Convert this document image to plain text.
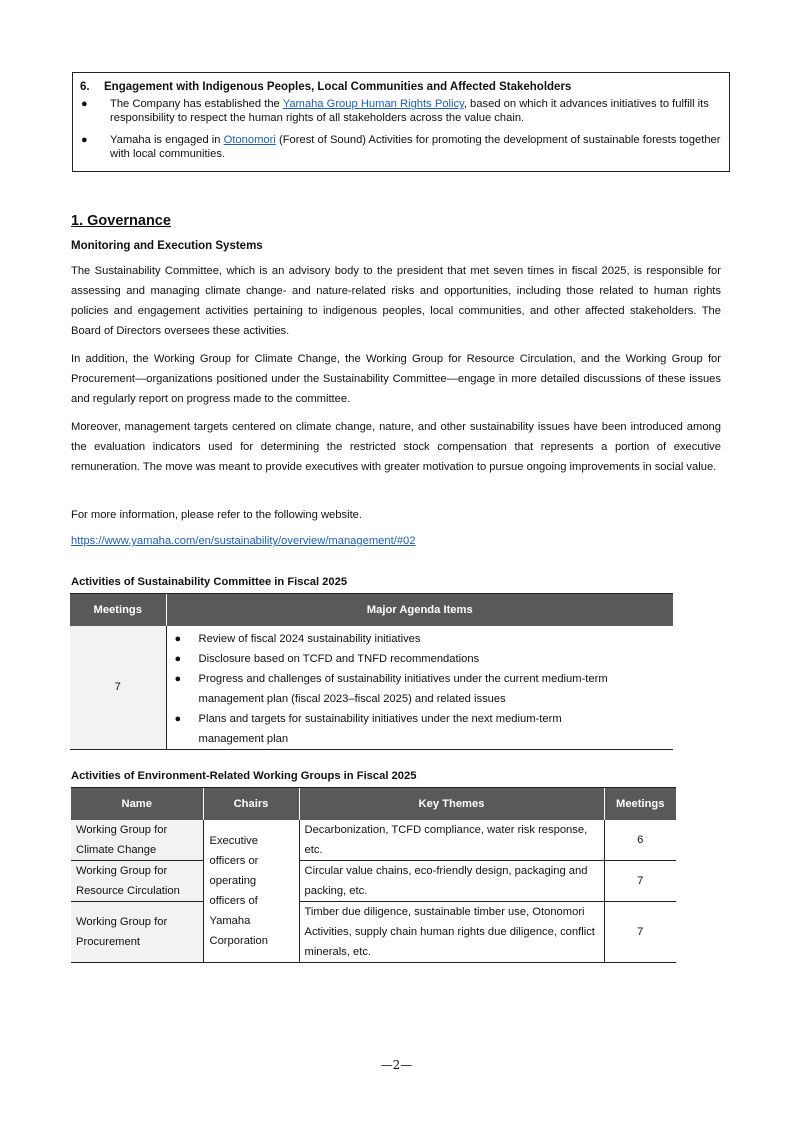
6.	Engagement with Indigenous Peoples, Local Communities and Affected Stakeholders
●	The Company has established the Yamaha Group Human Rights Policy, based on which it advances initiatives to fulfill its responsibility to respect the human rights of all stakeholders across the value chain.
●	Yamaha is engaged in Otonomori (Forest of Sound) Activities for promoting the development of sustainable forests together with local communities.
1. Governance
Monitoring and Execution Systems

The Sustainability Committee, which is an advisory body to the president that met seven times in fiscal 2025, is responsible for assessing and managing climate change- and nature-related risks and opportunities, including those related to human rights policies and engagement activities pertaining to indigenous peoples, local communities, and other affected stakeholders. The Board of Directors oversees these activities.

In addition, the Working Group for Climate Change, the Working Group for Resource Circulation, and the Working Group for Procurement—organizations positioned under the Sustainability Committee—engage in more detailed discussions of these issues and regularly report on progress made to the committee.

Moreover, management targets centered on climate change, nature, and other sustainability issues have been introduced among the evaluation indicators used for determining the restricted stock compensation that represents a portion of executive remuneration. The move was meant to provide executives with greater motivation to pursue ongoing improvements in social value.

For more information, please refer to the following website.

https://www.yamaha.com/en/sustainability/overview/management/#02
Activities of Sustainability Committee in Fiscal 2025
Meetings	Major Agenda Items
7	
●	Review of fiscal 2024 sustainability initiatives
●	Disclosure based on TCFD and TNFD recommendations
●	Progress and challenges of sustainability initiatives under the current medium-term management plan (fiscal 2023–fiscal 2025) and related issues
●	Plans and targets for sustainability initiatives under the next medium-term management plan
Activities of Environment-Related Working Groups in Fiscal 2025
Name	Chairs	Key Themes	Meetings
Working Group for Climate Change	Executive officers or operating officers of Yamaha Corporation	Decarbonization, TCFD compliance, water risk response, etc.	6
Working Group for Resource Circulation		Circular value chains, eco-friendly design, packaging and packing, etc.	7
Working Group for Procurement		Timber due diligence, sustainable timber use, Otonomori Activities, supply chain human rights due diligence, conflict minerals, etc.	7
—2—
